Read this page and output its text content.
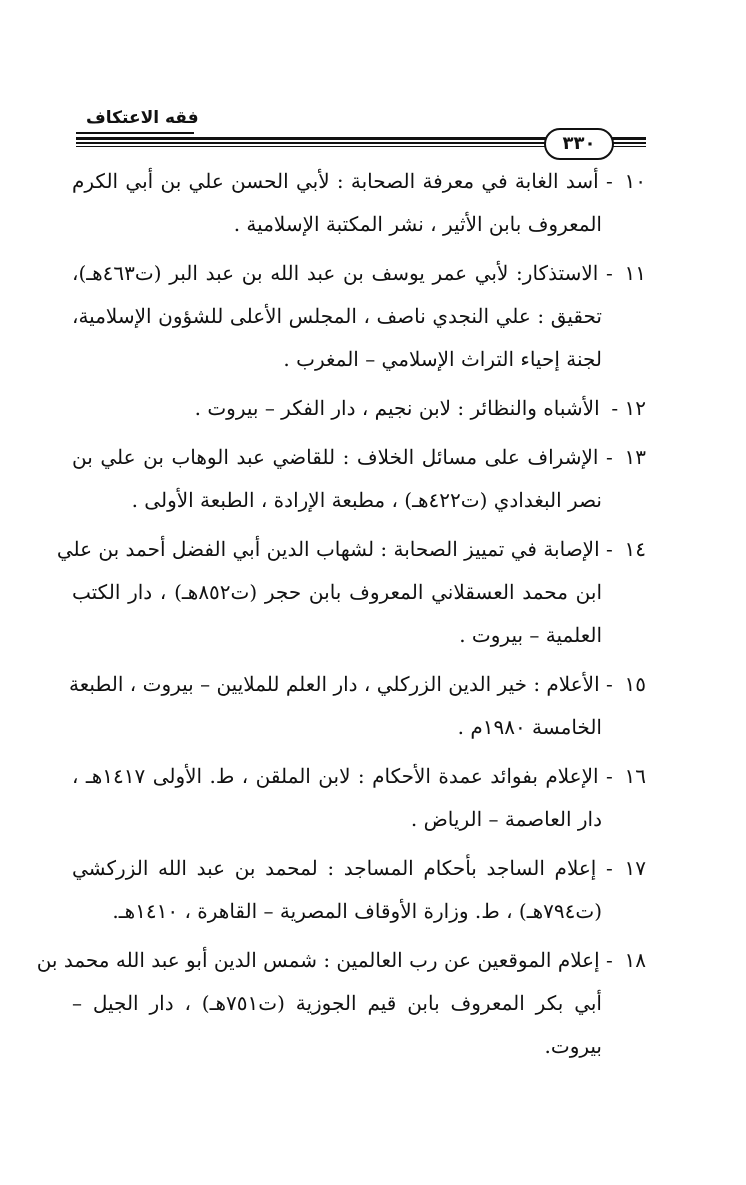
فقه الاعتكاف
٣٣٠
١٠ - أسد الغابة في معرفة الصحابة : لأبي الحسن علي بن أبي الكرم
المعروف بابن الأثير ، نشر المكتبة الإسلامية .
١١ - الاستذكار: لأبي عمر يوسف بن عبد الله بن عبد البر (ت٤٦٣هـ)،
تحقيق : علي النجدي ناصف ، المجلس الأعلى للشؤون الإسلامية،
لجنة إحياء التراث الإسلامي – المغرب .
١٢ - الأشباه والنظائر : لابن نجيم ، دار الفكر – بيروت .
١٣ - الإشراف على مسائل الخلاف : للقاضي عبد الوهاب بن علي بن
نصر البغدادي (ت٤٢٢هـ) ، مطبعة الإرادة ، الطبعة الأولى .
١٤ - الإصابة في تمييز الصحابة : لشهاب الدين أبي الفضل أحمد بن علي
ابن محمد العسقلاني المعروف بابن حجر (ت٨٥٢هـ) ، دار الكتب
العلمية – بيروت .
١٥ - الأعلام : خير الدين الزركلي ، دار العلم للملايين – بيروت ، الطبعة
الخامسة ١٩٨٠م .
١٦ - الإعلام بفوائد عمدة الأحكام : لابن الملقن ، ط. الأولى ١٤١٧هـ ،
دار العاصمة – الرياض .
١٧ - إعلام الساجد بأحكام المساجد : لمحمد بن عبد الله الزركشي
(ت٧٩٤هـ) ، ط. وزارة الأوقاف المصرية – القاهرة ، ١٤١٠هـ.
١٨ - إعلام الموقعين عن رب العالمين : شمس الدين أبو عبد الله محمد بن
أبي بكر المعروف بابن قيم الجوزية (ت٧٥١هـ) ، دار الجيل –
بيروت.
